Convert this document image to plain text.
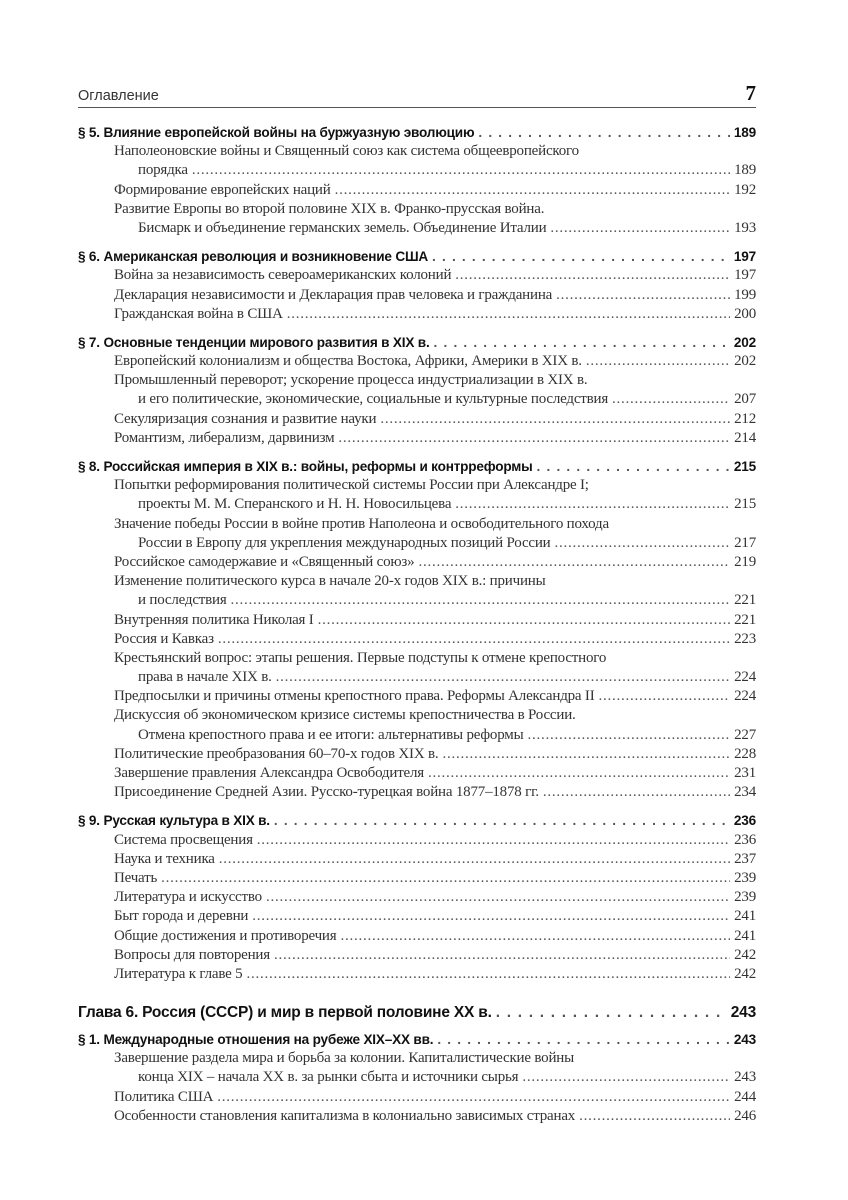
Оглавление	7
§ 5. Влияние европейской войны на буржуазную эволюцию . . .	189
Наполеоновские войны и Священный союз как система общеевропейского
порядка . . .	189
Формирование европейских наций . . .	192
Развитие Европы во второй половине XIX в. Франко-прусская война.
Бисмарк и объединение германских земель. Объединение Италии . . .	193
§ 6. Американская революция и возникновение США . . .	197
Война за независимость североамериканских колоний . . .	197
Декларация независимости и Декларация прав человека и гражданина . . .	199
Гражданская война в США . . .	200
§ 7. Основные тенденции мирового развития в XIX в. . . .	202
Европейский колониализм и общества Востока, Африки, Америки в XIX в. . . .	202
Промышленный переворот; ускорение процесса индустриализации в XIX в.
и его политические, экономические, социальные и культурные последствия . . .	207
Секуляризация сознания и развитие науки . . .	212
Романтизм, либерализм, дарвинизм . . .	214
§ 8. Российская империя в XIX в.: войны, реформы и контрреформы . . .	215
Попытки реформирования политической системы России при Александре I;
проекты М. М. Сперанского и Н. Н. Новосильцева . . .	215
Значение победы России в войне против Наполеона и освободительного похода
России в Европу для укрепления международных позиций России . . .	217
Российское самодержавие и «Священный союз» . . .	219
Изменение политического курса в начале 20-х годов XIX в.: причины
и последствия . . .	221
Внутренняя политика Николая I . . .	221
Россия и Кавказ . . .	223
Крестьянский вопрос: этапы решения. Первые подступы к отмене крепостного
права в начале XIX в. . . .	224
Предпосылки и причины отмены крепостного права. Реформы Александра II . . .	224
Дискуссия об экономическом кризисе системы крепостничества в России.
Отмена крепостного права и ее итоги: альтернативы реформы . . .	227
Политические преобразования 60–70-х годов XIX в. . . .	228
Завершение правления Александра Освободителя . . .	231
Присоединение Средней Азии. Русско-турецкая война 1877–1878 гг. . . .	234
§ 9. Русская культура в XIX в. . . .	236
Система просвещения . . .	236
Наука и техника . . .	237
Печать . . .	239
Литература и искусство . . .	239
Быт города и деревни . . .	241
Общие достижения и противоречия . . .	241
Вопросы для повторения . . .	242
Литература к главе 5 . . .	242
Глава 6. Россия (СССР) и мир в первой половине XX в. . . .	243
§ 1. Международные отношения на рубеже XIX–XX вв. . . .	243
Завершение раздела мира и борьба за колонии. Капиталистические войны
конца XIX – начала XX в. за рынки сбыта и источники сырья . . .	243
Политика США . . .	244
Особенности становления капитализма в колониально зависимых странах . . .	246
